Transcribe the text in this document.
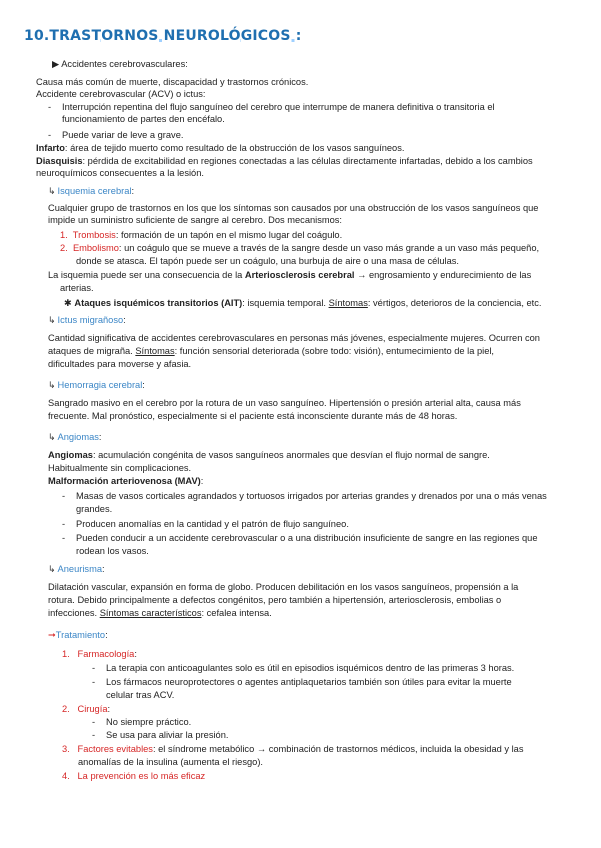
10.TRASTORNOS NEUROLÓGICOS :
▶ Accidentes cerebrovasculares:
Causa más común de muerte, discapacidad y trastornos crónicos.
Accidente cerebrovascular (ACV) o ictus:
- Interrupción repentina del flujo sanguíneo del cerebro que interrumpe de manera definitiva o transitoria el
funcionamiento de partes den encéfalo.
- Puede variar de leve a grave.
Infarto: área de tejido muerto como resultado de la obstrucción de los vasos sanguíneos.
Diasquisis: pérdida de excitabilidad en regiones conectadas a las células directamente infartadas, debido a los cambios
neuroquímicos consecuentes a la lesión.
↳ Isquemia cerebral:
Cualquier grupo de trastornos en los que los síntomas son causados por una obstrucción de los vasos sanguíneos que
impide un suministro suficiente de sangre al cerebro. Dos mecanismos:
1. Trombosis: formación de un tapón en el mismo lugar del coágulo.
2. Embolismo: un coágulo que se mueve a través de la sangre desde un vaso más grande a un vaso más pequeño,
donde se atasca. El tapón puede ser un coágulo, una burbuja de aire o una masa de células.
La isquemia puede ser una consecuencia de la Arteriosclerosis cerebral → engrosamiento y endurecimiento de las
arterias.
✱ Ataques isquémicos transitorios (AIT): isquemia temporal. Síntomas: vértigos, deterioros de la conciencia, etc.
↳ Ictus migrañoso:
Cantidad significativa de accidentes cerebrovasculares en personas más jóvenes, especialmente mujeres. Ocurren con
ataques de migraña. Síntomas: función sensorial deteriorada (sobre todo: visión), entumecimiento de la piel,
dificultades para moverse y afasia.
↳ Hemorragia cerebral:
Sangrado masivo en el cerebro por la rotura de un vaso sanguíneo. Hipertensión o presión arterial alta, causa más
frecuente. Mal pronóstico, especialmente si el paciente está inconsciente durante más de 48 horas.
↳ Angiomas:
Angiomas: acumulación congénita de vasos sanguíneos anormales que desvían el flujo normal de sangre.
Habitualmente sin complicaciones.
Malformación arteriovenosa (MAV):
- Masas de vasos corticales agrandados y tortuosos irrigados por arterias grandes y drenados por una o más venas
grandes.
- Producen anomalías en la cantidad y el patrón de flujo sanguíneo.
- Pueden conducir a un accidente cerebrovascular o a una distribución insuficiente de sangre en las regiones que
rodean los vasos.
↳ Aneurisma:
Dilatación vascular, expansión en forma de globo. Producen debilitación en los vasos sanguíneos, propensión a la
rotura. Debido principalmente a defectos congénitos, pero también a hipertensión, arteriosclerosis, embolias o
infecciones. Síntomas característicos: cefalea intensa.
➞Tratamiento:
1. Farmacología:
- La terapia con anticoagulantes solo es útil en episodios isquémicos dentro de las primeras 3 horas.
- Los fármacos neuroprotectores o agentes antiplaquetarios también son útiles para evitar la muerte
celular tras ACV.
2. Cirugía:
- No siempre práctico.
- Se usa para aliviar la presión.
3. Factores evitables: el síndrome metabólico → combinación de trastornos médicos, incluida la obesidad y las
anomalías de la insulina (aumenta el riesgo).
4. La prevención es lo más eficaz
